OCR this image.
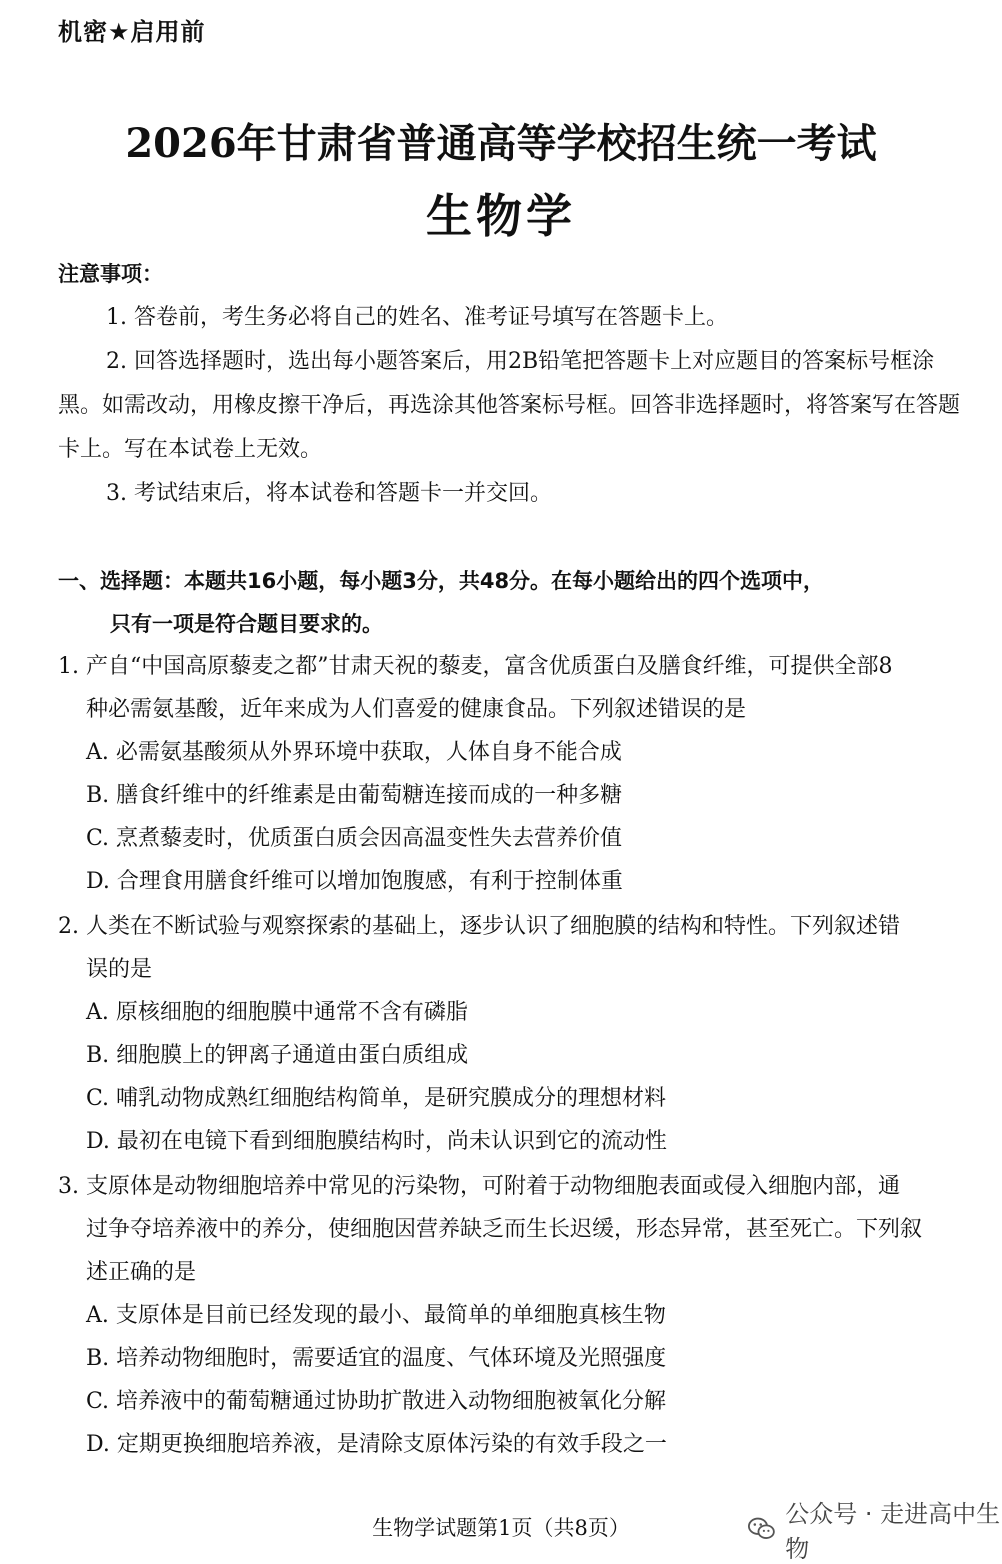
机密★启用前
2026年甘肃省普通高等学校招生统一考试
生物学
注意事项：
1. 答卷前，考生务必将自己的姓名、准考证号填写在答题卡上。
2. 回答选择题时，选出每小题答案后，用2B铅笔把答题卡上对应题目的答案标号框涂黑。如需改动，用橡皮擦干净后，再选涂其他答案标号框。回答非选择题时，将答案写在答题卡上。写在本试卷上无效。
3. 考试结束后，将本试卷和答题卡一并交回。
一、选择题：本题共16小题，每小题3分，共48分。在每小题给出的四个选项中，
只有一项是符合题目要求的。
1. 产自“中国高原藜麦之都”甘肃天祝的藜麦，富含优质蛋白及膳食纤维，可提供全部8
种必需氨基酸，近年来成为人们喜爱的健康食品。下列叙述错误的是
A. 必需氨基酸须从外界环境中获取，人体自身不能合成
B. 膳食纤维中的纤维素是由葡萄糖连接而成的一种多糖
C. 烹煮藜麦时，优质蛋白质会因高温变性失去营养价值
D. 合理食用膳食纤维可以增加饱腹感，有利于控制体重
2. 人类在不断试验与观察探索的基础上，逐步认识了细胞膜的结构和特性。下列叙述错
误的是
A. 原核细胞的细胞膜中通常不含有磷脂
B. 细胞膜上的钾离子通道由蛋白质组成
C. 哺乳动物成熟红细胞结构简单，是研究膜成分的理想材料
D. 最初在电镜下看到细胞膜结构时，尚未认识到它的流动性
3. 支原体是动物细胞培养中常见的污染物，可附着于动物细胞表面或侵入细胞内部，通
过争夺培养液中的养分，使细胞因营养缺乏而生长迟缓，形态异常，甚至死亡。下列叙
述正确的是
A. 支原体是目前已经发现的最小、最简单的单细胞真核生物
B. 培养动物细胞时，需要适宜的温度、气体环境及光照强度
C. 培养液中的葡萄糖通过协助扩散进入动物细胞被氧化分解
D. 定期更换细胞培养液，是清除支原体污染的有效手段之一
公众号 · 走进高中生物
生物学试题第1页（共8页）
